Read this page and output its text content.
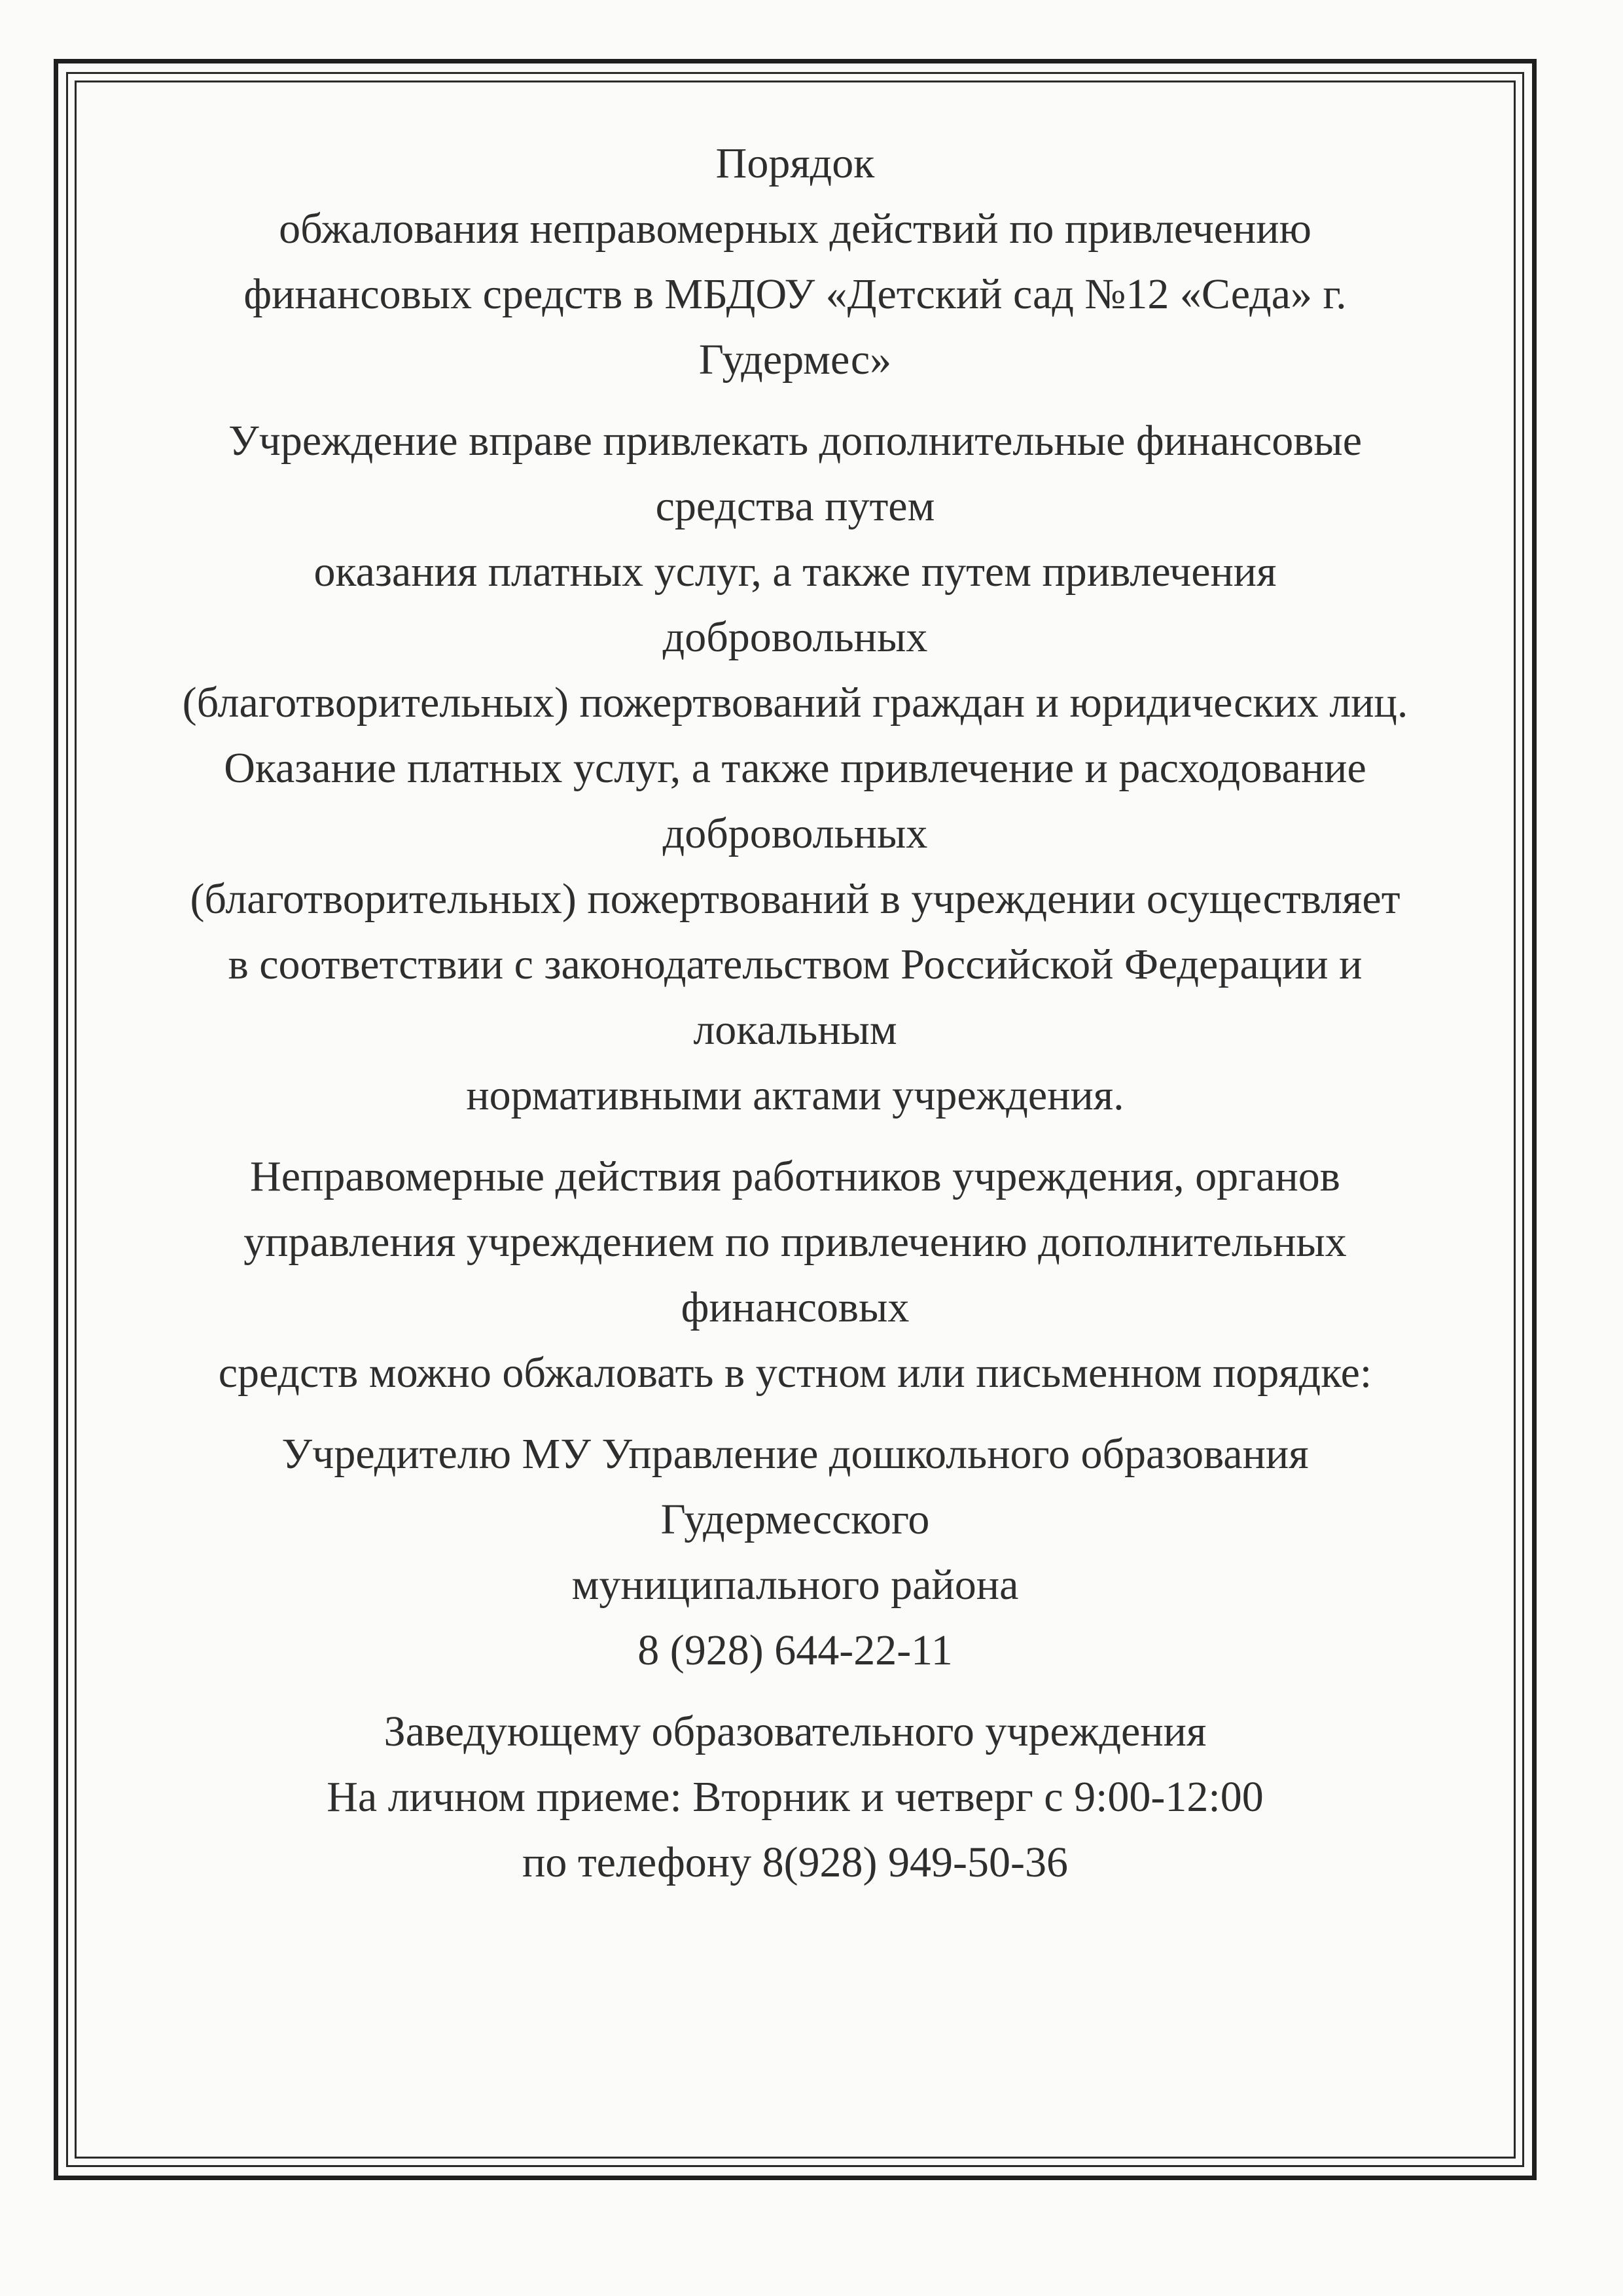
Порядок
обжалования неправомерных действий по привлечению
финансовых средств в МБДОУ «Детский сад №12 «Седа» г.
Гудермес»
Учреждение вправе привлекать дополнительные финансовые
средства путем
оказания платных услуг, а также путем привлечения
добровольных
(благотворительных) пожертвований граждан и юридических лиц.
Оказание платных услуг, а также привлечение и расходование
добровольных
(благотворительных) пожертвований в учреждении осуществляет
в соответствии с законодательством Российской Федерации и
локальным
нормативными актами учреждения.
Неправомерные действия работников учреждения, органов
управления учреждением по привлечению дополнительных
финансовых
средств можно обжаловать в устном или письменном порядке:
Учредителю МУ Управление дошкольного образования
Гудермесского
муниципального района
8 (928) 644-22-11
Заведующему образовательного учреждения
На личном приеме: Вторник и четверг с 9:00-12:00
по телефону 8(928) 949-50-36
